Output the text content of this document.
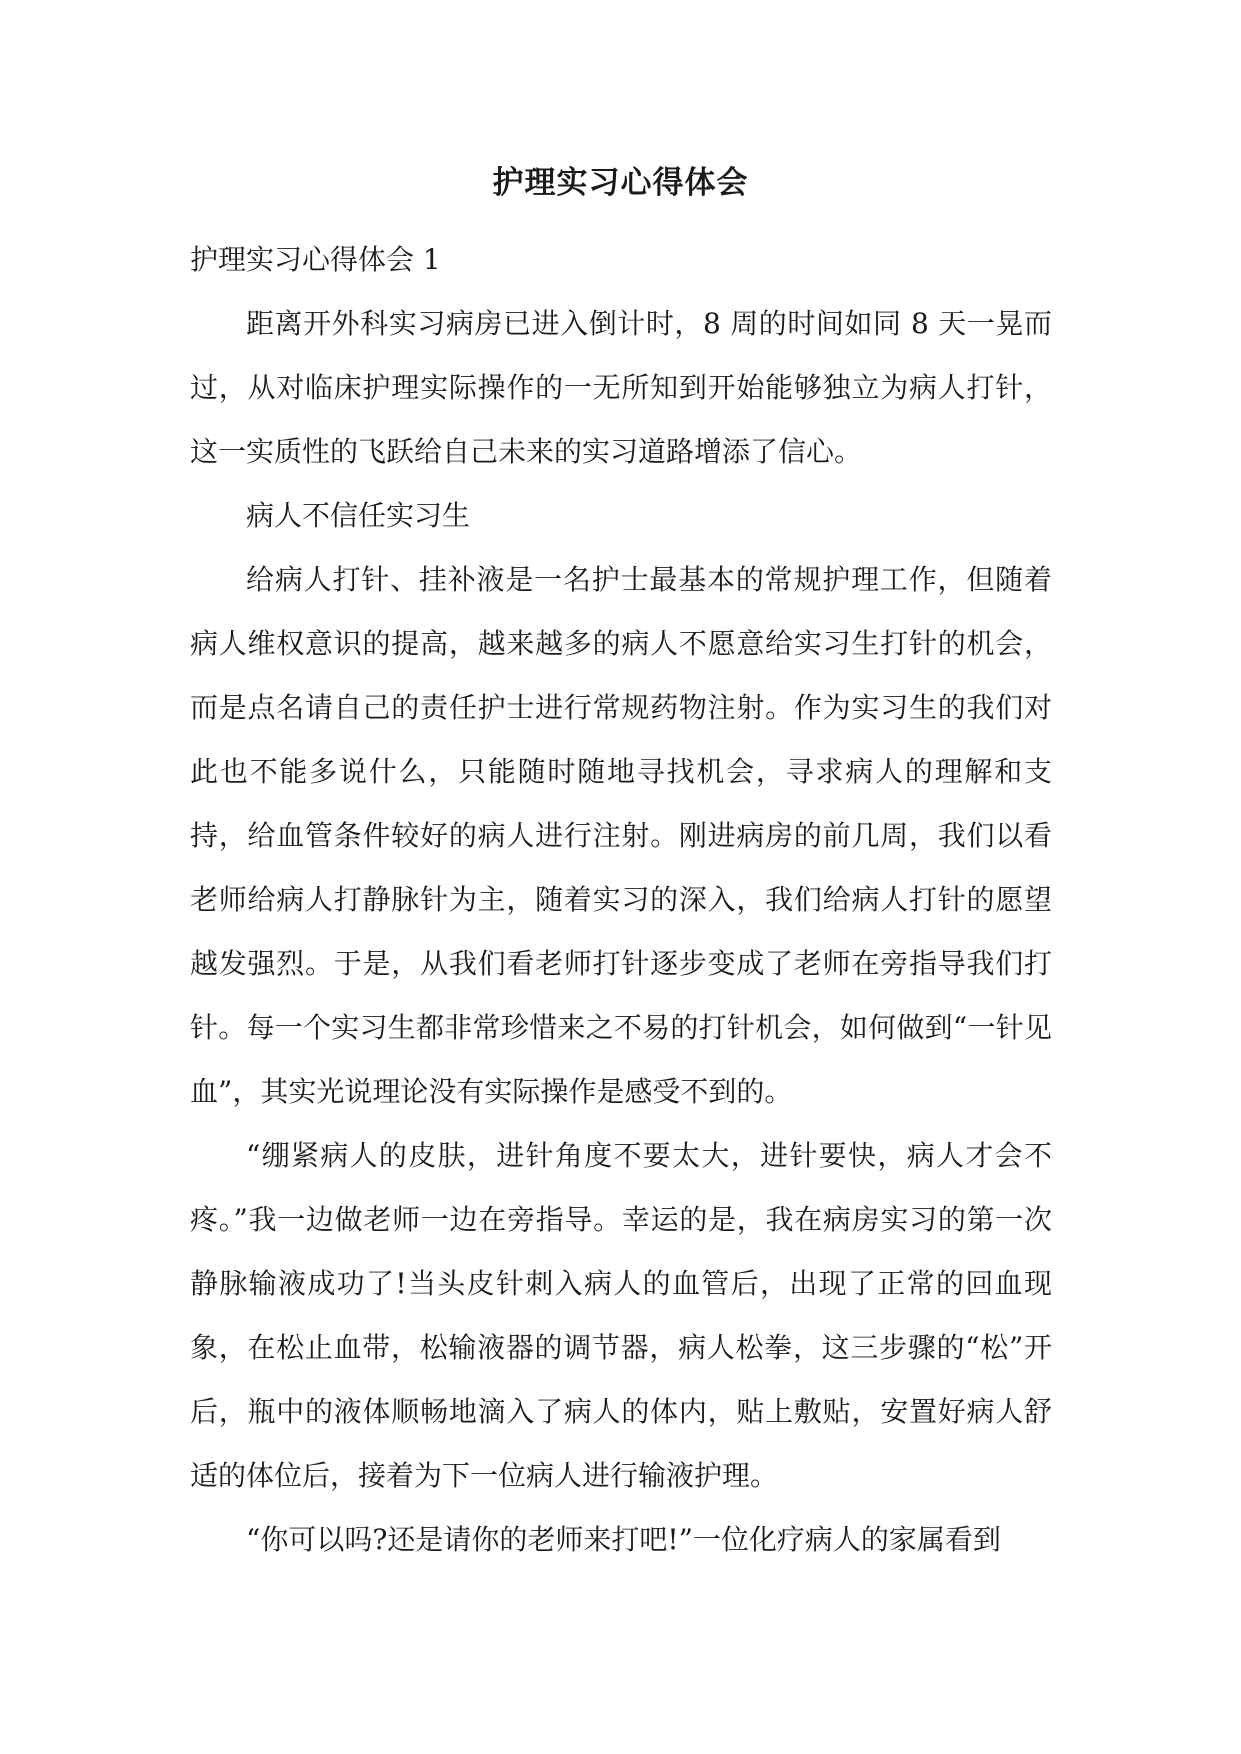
护理实习心得体会

护理实习心得体会 1

距离开外科实习病房已进入倒计时，8 周的时间如同 8 天一晃而过，从对临床护理实际操作的一无所知到开始能够独立为病人打针，这一实质性的飞跃给自己未来的实习道路增添了信心。

病人不信任实习生

给病人打针、挂补液是一名护士最基本的常规护理工作，但随着病人维权意识的提高，越来越多的病人不愿意给实习生打针的机会，而是点名请自己的责任护士进行常规药物注射。作为实习生的我们对此也不能多说什么，只能随时随地寻找机会，寻求病人的理解和支持，给血管条件较好的病人进行注射。刚进病房的前几周，我们以看老师给病人打静脉针为主，随着实习的深入，我们给病人打针的愿望越发强烈。于是，从我们看老师打针逐步变成了老师在旁指导我们打针。每一个实习生都非常珍惜来之不易的打针机会，如何做到“一针见血”，其实光说理论没有实际操作是感受不到的。

“绷紧病人的皮肤，进针角度不要太大，进针要快，病人才会不疼。”我一边做老师一边在旁指导。幸运的是，我在病房实习的第一次静脉输液成功了!当头皮针刺入病人的血管后，出现了正常的回血现象，在松止血带，松输液器的调节器，病人松拳，这三步骤的“松”开后，瓶中的液体顺畅地滴入了病人的体内，贴上敷贴，安置好病人舒适的体位后，接着为下一位病人进行输液护理。

“你可以吗?还是请你的老师来打吧!”一位化疗病人的家属看到
